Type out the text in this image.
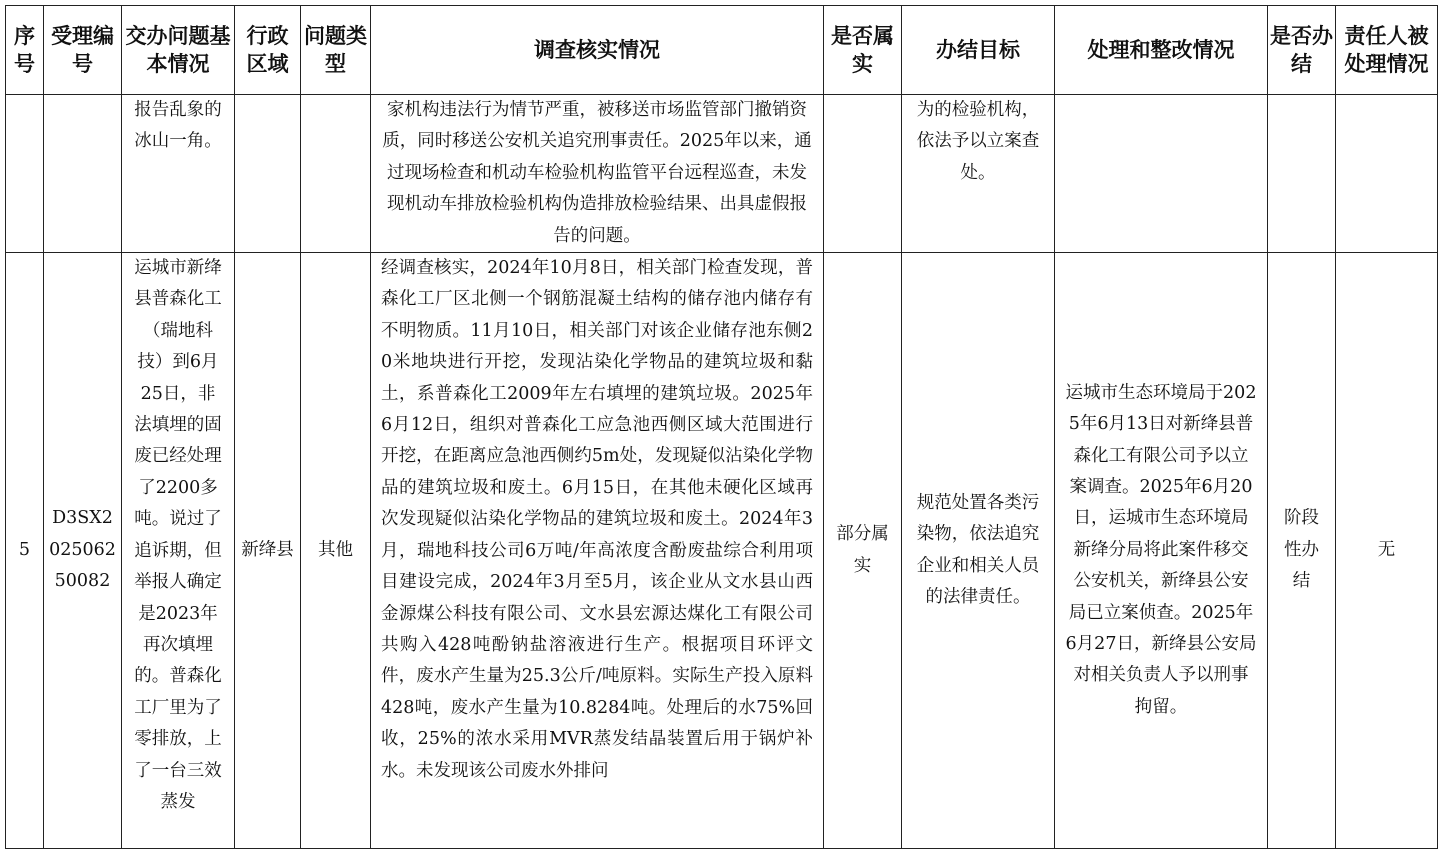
序号	受理编号	交办问题基本情况	行政区域	问题类型	调查核实情况	是否属实	办结目标	处理和整改情况	是否办结	责任人被处理情况
		报告乱象的冰山一角。			家机构违法行为情节严重，被移送市场监管部门撤销资质，同时移送公安机关追究刑事责任。2025年以来，通过现场检查和机动车检验机构监管平台远程巡查，未发现机动车排放检验机构伪造排放检验结果、出具虚假报告的问题。		为的检验机构，依法予以立案查处。			
5	D3SX202506250082	运城市新绛县普森化工（瑞地科技）到6月25日，非法填埋的固废已经处理了2200多吨。说过了追诉期，但举报人确定是2023年再次填埋的。普森化工厂里为了零排放，上了一台三效蒸发	新绛县	其他	经调查核实，2024年10月8日，相关部门检查发现，普森化工厂区北侧一个钢筋混凝土结构的储存池内储存有不明物质。11月10日，相关部门对该企业储存池东侧20米地块进行开挖，发现沾染化学物品的建筑垃圾和黏土，系普森化工2009年左右填埋的建筑垃圾。2025年6月12日，组织对普森化工应急池西侧区域大范围进行开挖，在距离应急池西侧约5m处，发现疑似沾染化学物品的建筑垃圾和废土。6月15日，在其他未硬化区域再次发现疑似沾染化学物品的建筑垃圾和废土。2024年3月，瑞地科技公司6万吨/年高浓度含酚废盐综合利用项目建设完成，2024年3月至5月，该企业从文水县山西金源煤公科技有限公司、文水县宏源达煤化工有限公司共购入428吨酚钠盐溶液进行生产。根据项目环评文件，废水产生量为25.3公斤/吨原料。实际生产投入原料428吨，废水产生量为10.8284吨。处理后的水75%回收，25%的浓水采用MVR蒸发结晶装置后用于锅炉补水。未发现该公司废水外排问	部分属实	规范处置各类污染物，依法追究企业和相关人员的法律责任。	运城市生态环境局于2025年6月13日对新绛县普森化工有限公司予以立案调查。2025年6月20日，运城市生态环境局新绛分局将此案件移交公安机关，新绛县公安局已立案侦查。2025年6月27日，新绛县公安局对相关负责人予以刑事拘留。	阶段性办结	无
